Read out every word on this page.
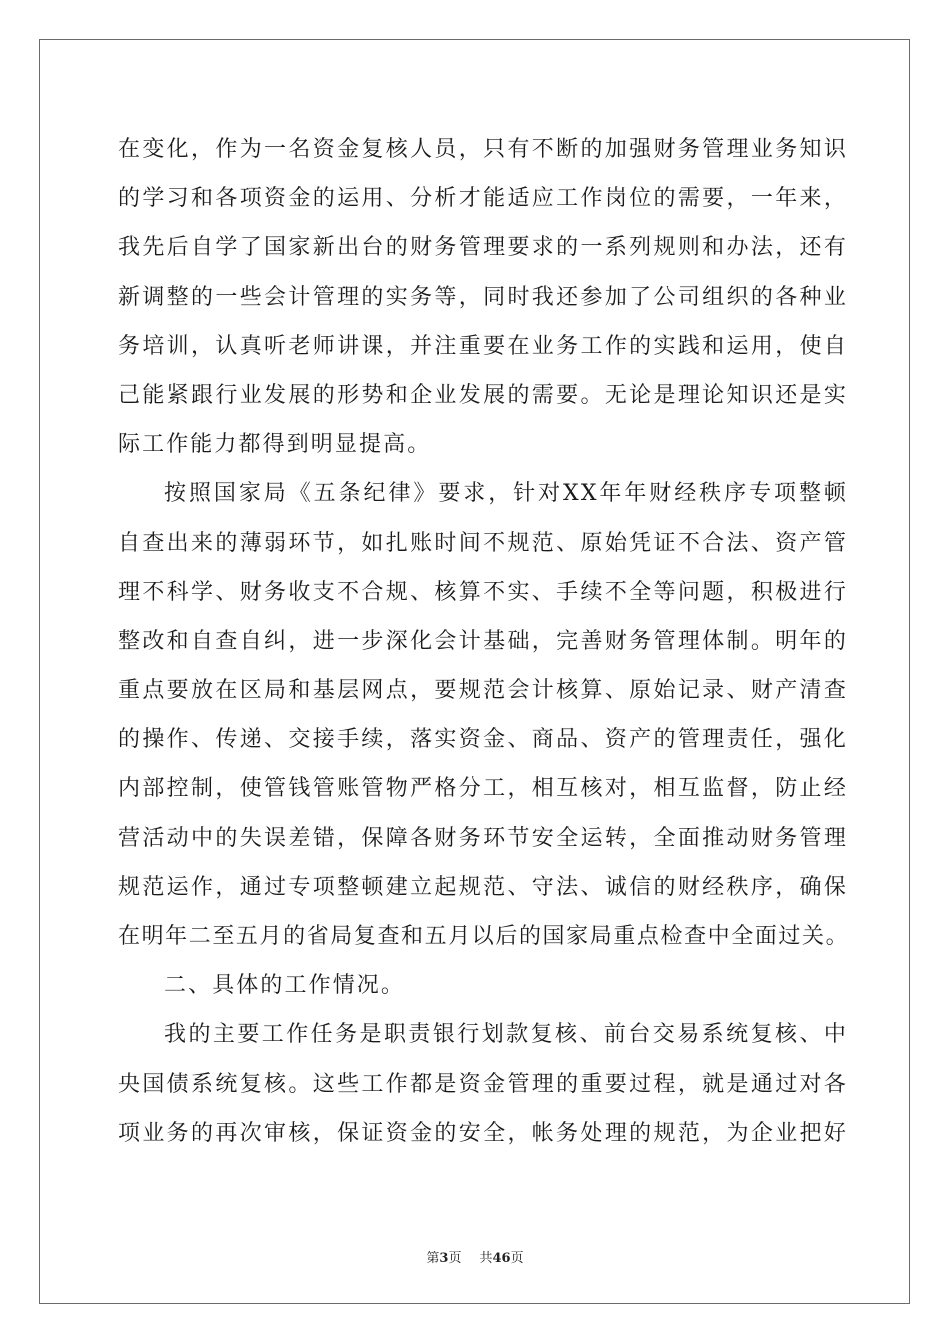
在变化，作为一名资金复核人员，只有不断的加强财务管理业务知识
的学习和各项资金的运用、分析才能适应工作岗位的需要，一年来，
我先后自学了国家新出台的财务管理要求的一系列规则和办法，还有
新调整的一些会计管理的实务等，同时我还参加了公司组织的各种业
务培训，认真听老师讲课，并注重要在业务工作的实践和运用，使自
己能紧跟行业发展的形势和企业发展的需要。无论是理论知识还是实
际工作能力都得到明显提高。
按照国家局《五条纪律》要求，针对XX年年财经秩序专项整顿
自查出来的薄弱环节，如扎账时间不规范、原始凭证不合法、资产管
理不科学、财务收支不合规、核算不实、手续不全等问题，积极进行
整改和自查自纠，进一步深化会计基础，完善财务管理体制。明年的
重点要放在区局和基层网点，要规范会计核算、原始记录、财产清查
的操作、传递、交接手续，落实资金、商品、资产的管理责任，强化
内部控制，使管钱管账管物严格分工，相互核对，相互监督，防止经
营活动中的失误差错，保障各财务环节安全运转，全面推动财务管理
规范运作，通过专项整顿建立起规范、守法、诚信的财经秩序，确保
在明年二至五月的省局复查和五月以后的国家局重点检查中全面过关。
二、具体的工作情况。
我的主要工作任务是职责银行划款复核、前台交易系统复核、中
央国债系统复核。这些工作都是资金管理的重要过程，就是通过对各
项业务的再次审核，保证资金的安全，帐务处理的规范，为企业把好
第3页 共46页
